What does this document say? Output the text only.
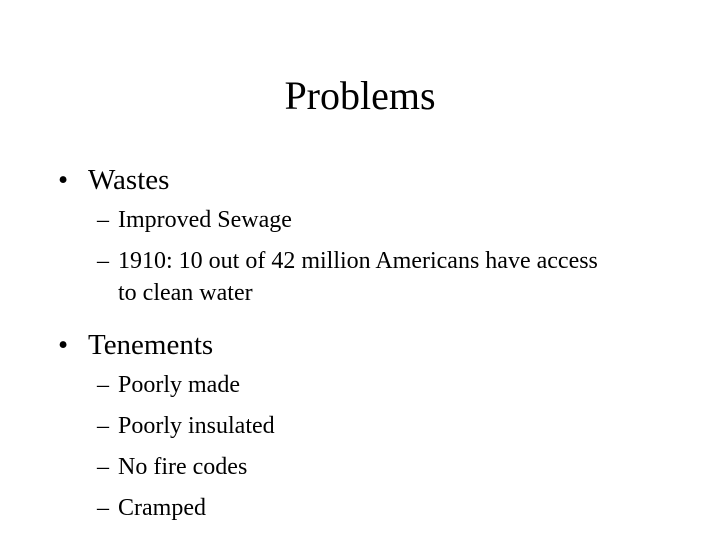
Problems
• Wastes
– Improved Sewage
– 1910: 10 out of 42 million Americans have access to clean water
• Tenements
– Poorly made
– Poorly insulated
– No fire codes
– Cramped
